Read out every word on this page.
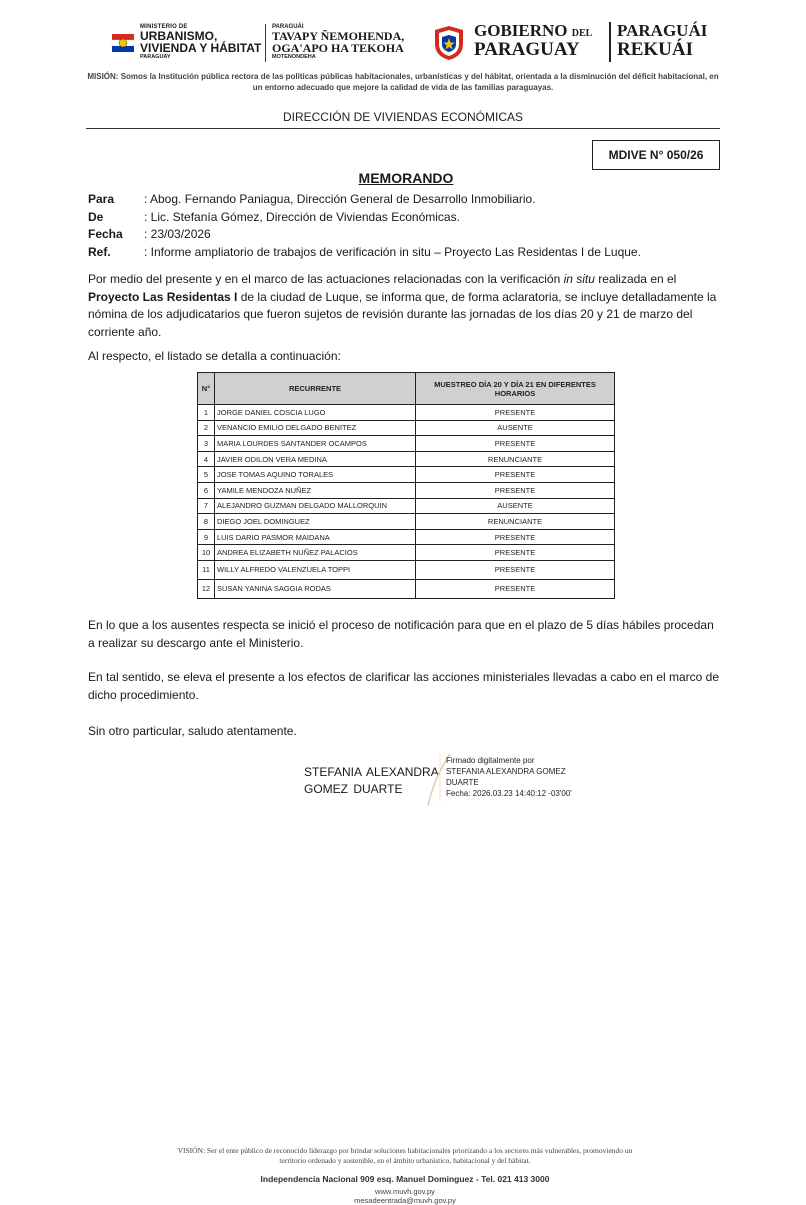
MINISTERIO DE
URBANISMO,
VIVIENDA Y HÁBITAT
PARAGUAY
PARAGUÁI
TAVAPY ÑEMOHENDA,
OGA'APO HA TEKOHA
MOTENONDEHA
GOBIERNO DEL
PARAGUAY
PARAGUÁI
REKUÁI
MISIÓN: Somos la Institución pública rectora de las políticas públicas habitacionales, urbanísticas y del hábitat, orientada a la disminución del déficit habitacional, en un entorno adecuado que mejore la calidad de vida de las familias paraguayas.
DIRECCIÓN DE VIVIENDAS ECONÓMICAS
MDIVE N° 050/26
MEMORANDO
Para	: Abog. Fernando Paniagua, Dirección General de Desarrollo Inmobiliario.
De	: Lic. Stefanía Gómez, Dirección de Viviendas Económicas.
Fecha	: 23/03/2026
Ref.	: Informe ampliatorio de trabajos de verificación in situ – Proyecto Las Residentas I de Luque.
Por medio del presente y en el marco de las actuaciones relacionadas con la verificación in situ realizada en el Proyecto Las Residentas I de la ciudad de Luque, se informa que, de forma aclaratoria, se incluye detalladamente la nómina de los adjudicatarios que fueron sujetos de revisión durante las jornadas de los días 20 y 21 de marzo del corriente año.
Al respecto, el listado se detalla a continuación:
N°	RECURRENTE	MUESTREO DÍA 20 Y DÍA 21 EN DIFERENTES HORARIOS
1	JORGE DANIEL COSCIA LUGO	PRESENTE
2	VENANCIO EMILIO DELGADO BENITEZ	AUSENTE
3	MARIA LOURDES SANTANDER OCAMPOS	PRESENTE
4	JAVIER ODILON VERA MEDINA	RENUNCIANTE
5	JOSE TOMAS AQUINO TORALES	PRESENTE
6	YAMILE MENDOZA NUÑEZ	PRESENTE
7	ALEJANDRO GUZMAN DELGADO MALLORQUIN	AUSENTE
8	DIEGO JOEL DOMINGUEZ	RENUNCIANTE
9	LUIS DARIO PASMOR MAIDANA	PRESENTE
10	ANDREA ELIZABETH NUÑEZ PALACIOS	PRESENTE
11	WILLY ALFREDO VALENZUELA TOPPI	PRESENTE
12	SUSAN YANINA SAGGIA RODAS	PRESENTE
En lo que a los ausentes respecta se inició el proceso de notificación para que en el plazo de 5 días hábiles procedan a realizar su descargo ante el Ministerio.
En tal sentido, se eleva el presente a los efectos de clarificar las acciones ministeriales llevadas a cabo en el marco de dicho procedimiento.
Sin otro particular, saludo atentamente.
STEFANIA ALEXANDRA
GOMEZ DUARTE
Firmado digitalmente por
STEFANIA ALEXANDRA GOMEZ
DUARTE
Fecha: 2026.03.23 14:40:12 -03'00'
VISIÓN: Ser el ente público de reconocido liderazgo por brindar soluciones habitacionales priorizando a los sectores más vulnerables, promoviendo un territorio ordenado y sostenible, en el ámbito urbanístico, habitacional y del hábitat.
Independencia Nacional 909 esq. Manuel Dominguez - Tel. 021 413 3000
www.muvh.gov.py
mesadeentrada@muvh.gov.py
